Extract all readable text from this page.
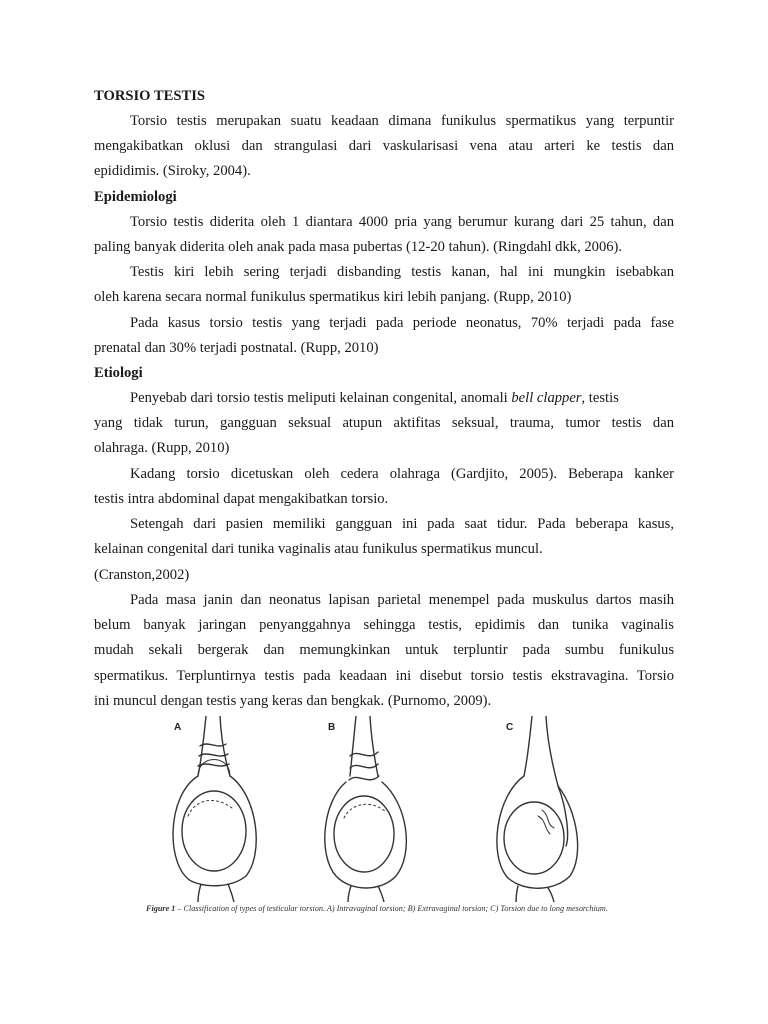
TORSIO TESTIS
Torsio testis merupakan suatu keadaan dimana funikulus spermatikus yang terpuntir
mengakibatkan oklusi dan strangulasi dari vaskularisasi vena atau arteri ke testis dan
epididimis. (Siroky, 2004).
Epidemiologi
Torsio testis diderita oleh 1 diantara 4000 pria yang berumur kurang dari 25 tahun, dan
paling banyak diderita oleh anak pada masa pubertas (12-20 tahun). (Ringdahl dkk, 2006).
Testis kiri lebih sering terjadi disbanding testis kanan, hal ini mungkin isebabkan
oleh karena secara normal funikulus spermatikus kiri lebih panjang. (Rupp, 2010)
Pada kasus torsio testis yang terjadi pada periode neonatus, 70% terjadi pada fase
prenatal dan 30% terjadi postnatal. (Rupp, 2010)
Etiologi
Penyebab dari torsio testis meliputi kelainan congenital, anomali bell clapper, testis
yang tidak turun, gangguan seksual atupun aktifitas seksual, trauma, tumor testis dan
olahraga. (Rupp, 2010)
Kadang torsio dicetuskan oleh cedera olahraga (Gardjito, 2005). Beberapa kanker
testis intra abdominal dapat mengakibatkan torsio.
Setengah dari pasien memiliki gangguan ini pada saat tidur. Pada beberapa kasus,
kelainan congenital dari tunika vaginalis atau funikulus spermatikus muncul.
(Cranston,2002)
Pada masa janin dan neonatus lapisan parietal menempel pada muskulus dartos masih
belum banyak jaringan penyanggahnya sehingga testis, epidimis dan tunika vaginalis
mudah sekali bergerak dan memungkinkan untuk terpluntir pada sumbu funikulus
spermatikus. Terpluntirnya testis pada keadaan ini disebut torsio testis ekstravagina. Torsio
ini muncul dengan testis yang keras dan bengkak. (Purnomo, 2009).
A	B	C
Figure 1 – Classification of types of testicular torsion. A) Intravaginal torsion; B) Extravaginal torsion; C) Torsion due to long mesorchium.
